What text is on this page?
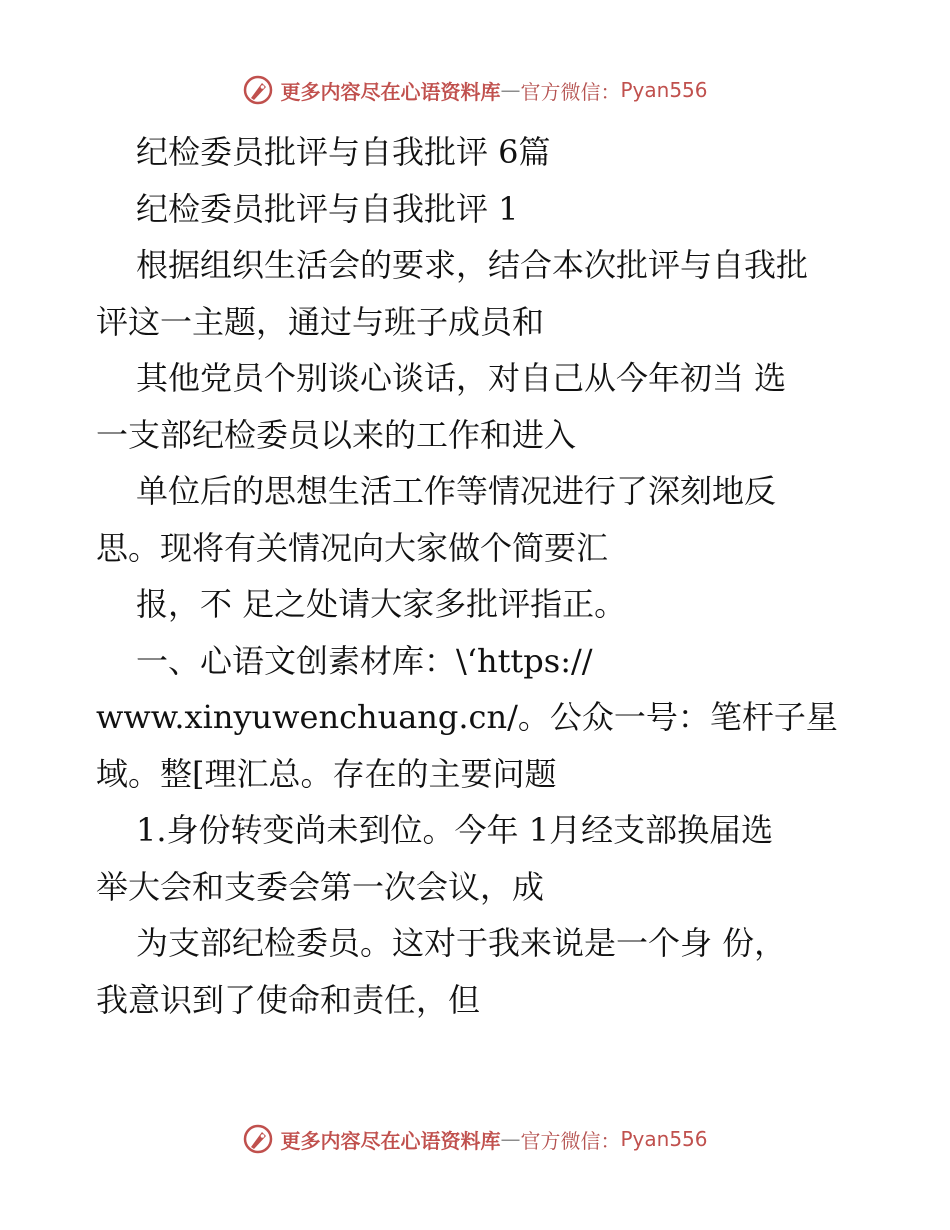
更多内容尽在心语资料库 — 官方微信： Pyan556
纪检委员批评与自我批评 6篇
纪检委员批评与自我批评 1
根据组织生活会的要求，结合本次批评与自我批
评这一主题，通过与班子成员和
其他党员个别谈心谈话，对自己从今年初当 选
一支部纪检委员以来的工作和进入
单位后的思想生活工作等情况进行了深刻地反
思。现将有关情况向大家做个简要汇
报，不 足之处请大家多批评指正。
一、心语文创素材库：\‘https://
www.xinyuwenchuang.cn/。公众一号：笔杆子星
域。整[理汇总。存在的主要问题
1.身份转变尚未到位。今年 1月经支部换届选
举大会和支委会第一次会议，成
为支部纪检委员。这对于我来说是一个身 份，
我意识到了使命和责任，但
更多内容尽在心语资料库 — 官方微信： Pyan556
